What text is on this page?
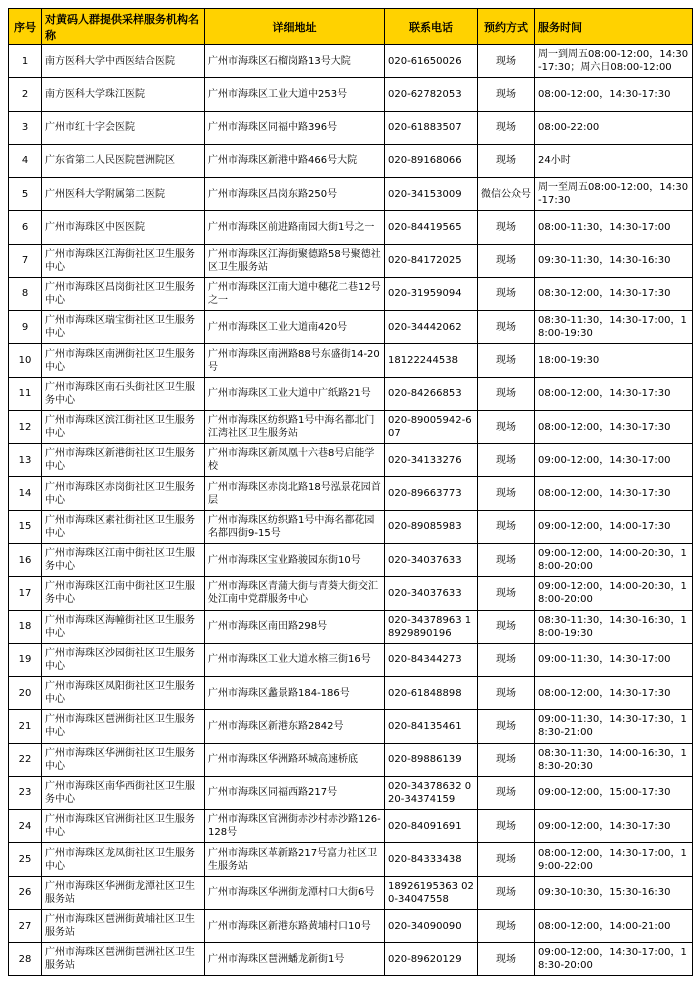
序号	对黄码人群提供采样服务机构名称	详细地址	联系电话	预约方式	服务时间
1	南方医科大学中西医结合医院	广州市海珠区石榴岗路13号大院	020-61650026	现场	周一到周五08:00-12:00，14:30-17:30；周六日08:00-12:00
2	南方医科大学珠江医院	广州市海珠区工业大道中253号	020-62782053	现场	08:00-12:00，14:30-17:30
3	广州市红十字会医院	广州市海珠区同福中路396号	020-61883507	现场	08:00-22:00
4	广东省第二人民医院琶洲院区	广州市海珠区新港中路466号大院	020-89168066	现场	24小时
5	广州医科大学附属第二医院	广州市海珠区昌岗东路250号	020-34153009	微信公众号	周一至周五08:00-12:00，14:30-17:30
6	广州市海珠区中医医院	广州市海珠区前进路南园大街1号之一	020-84419565	现场	08:00-11:30，14:30-17:00
7	广州市海珠区江海街社区卫生服务中心	广州市海珠区江海街聚德路58号聚德社区卫生服务站	020-84172025	现场	09:30-11:30，14:30-16:30
8	广州市海珠区昌岗街社区卫生服务中心	广州市海珠区江南大道中穗花二巷12号之一	020-31959094	现场	08:30-12:00，14:30-17:30
9	广州市海珠区瑞宝街社区卫生服务中心	广州市海珠区工业大道南420号	020-34442062	现场	08:30-11:30，14:30-17:00，18:00-19:30
10	广州市海珠区南洲街社区卫生服务中心	广州市海珠区南洲路88号东盛街14-20号	18122244538	现场	18:00-19:30
11	广州市海珠区南石头街社区卫生服务中心	广州市海珠区工业大道中广纸路21号	020-84266853	现场	08:00-12:00，14:30-17:30
12	广州市海珠区滨江街社区卫生服务中心	广州市海珠区纺织路1号中海名都北门江湾社区卫生服务站	020-89005942-607	现场	08:00-12:00，14:30-17:30
13	广州市海珠区新港街社区卫生服务中心	广州市海珠区新凤凰十六巷8号启能学校	020-34133276	现场	09:00-12:00，14:30-17:00
14	广州市海珠区赤岗街社区卫生服务中心	广州市海珠区赤岗北路18号泓景花园首层	020-89663773	现场	08:00-12:00，14:30-17:30
15	广州市海珠区素社街社区卫生服务中心	广州市海珠区纺织路1号中海名都花园名都四街9-15号	020-89085983	现场	09:00-12:00，14:00-17:30
16	广州市海珠区江南中街社区卫生服务中心	广州市海珠区宝业路骏园东街10号	020-34037633	现场	09:00-12:00，14:00-20:30，18:00-20:00
17	广州市海珠区江南中街社区卫生服务中心	广州市海珠区青蒲大街与青葵大街交汇处江南中党群服务中心	020-34037633	现场	09:00-12:00，14:00-20:30，18:00-20:00
18	广州市海珠区海幢街社区卫生服务中心	广州市海珠区南田路298号	020-34378963 18929890196	现场	08:30-11:30，14:30-16:30，18:00-19:30
19	广州市海珠区沙园街社区卫生服务中心	广州市海珠区工业大道水榕三街16号	020-84344273	现场	09:00-11:30，14:30-17:00
20	广州市海珠区凤阳街社区卫生服务中心	广州市海珠区蠡景路184-186号	020-61848898	现场	08:00-12:00，14:30-17:30
21	广州市海珠区琶洲街社区卫生服务中心	广州市海珠区新港东路2842号	020-84135461	现场	09:00-11:30，14:30-17:30，18:30-21:00
22	广州市海珠区华洲街社区卫生服务中心	广州市海珠区华洲路环城高速桥底	020-89886139	现场	08:30-11:30，14:00-16:30，18:30-20:30
23	广州市海珠区南华西街社区卫生服务中心	广州市海珠区同福西路217号	020-34378632 020-34374159	现场	09:00-12:00，15:00-17:30
24	广州市海珠区官洲街社区卫生服务中心	广州市海珠区官洲街赤沙村赤沙路126-128号	020-84091691	现场	09:00-12:00，14:30-17:30
25	广州市海珠区龙凤街社区卫生服务中心	广州市海珠区革新路217号富力社区卫生服务站	020-84333438	现场	08:00-12:00，14:30-17:00，19:00-22:00
26	广州市海珠区华洲街龙潭社区卫生服务站	广州市海珠区华洲街龙潭村口大街6号	18926195363 020-34047558	现场	09:30-10:30，15:30-16:30
27	广州市海珠区琶洲街黄埔社区卫生服务站	广州市海珠区新港东路黄埔村口10号	020-34090090	现场	08:00-12:00，14:00-21:00
28	广州市海珠区琶洲街琶洲社区卫生服务站	广州市海珠区琶洲蟠龙新街1号	020-89620129	现场	09:00-12:00，14:30-17:00，18:30-20:00
